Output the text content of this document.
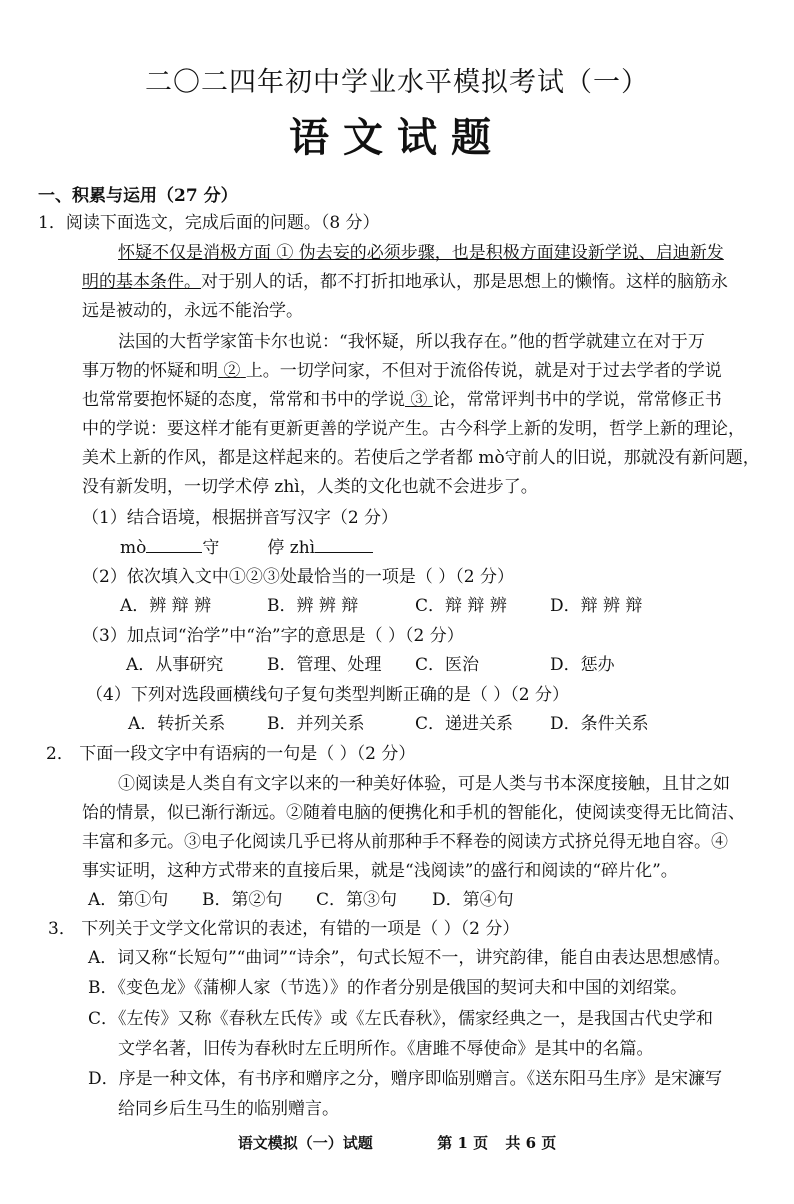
二〇二四年初中学业水平模拟考试（一）
语文试题
一、积累与运用（27 分）
1．阅读下面选文，完成后面的问题。（8 分）
怀疑不仅是消极方面 ① 伪去妄的必须步骤，也是积极方面建设新学说、启迪新发
明的基本条件。对于别人的话，都不打折扣地承认，那是思想上的懒惰。这样的脑筋永
远是被动的，永远不能治学。
法国的大哲学家笛卡尔也说：“我怀疑，所以我存在。”他的哲学就建立在对于万
事万物的怀疑和明 ② 上。一切学问家，不但对于流俗传说，就是对于过去学者的学说
也常常要抱怀疑的态度，常常和书中的学说 ③ 论，常常评判书中的学说，常常修正书
中的学说：要这样才能有更新更善的学说产生。古今科学上新的发明，哲学上新的理论，
美术上新的作风，都是这样起来的。若使后之学者都 mò守前人的旧说，那就没有新问题，
没有新发明，一切学术停 zhì，人类的文化也就不会进步了。
（1）结合语境，根据拼音写汉字（2 分）
mò	守	停 zhì
（2）依次填入文中①②③处最恰当的一项是（ ）（2 分）
A．辨 辩 辨	B．辨 辨 辩	C．辩 辩 辨	D．辩 辨 辩
（3）加点词“治学”中“治”字的意思是（ ）（2 分）
A．从事研究	B．管理、处理 C．医治	D．惩办
（4）下列对选段画横线句子复句类型判断正确的是（ ）（2 分）
A．转折关系 B．并列关系	C．递进关系 D．条件关系
2． 下面一段文字中有语病的一句是（ ）（2 分）
①阅读是人类自有文字以来的一种美好体验，可是人类与书本深度接触，且甘之如
饴的情景，似已渐行渐远。②随着电脑的便携化和手机的智能化，使阅读变得无比简洁、
丰富和多元。③电子化阅读几乎已将从前那种手不释卷的阅读方式挤兑得无地自容。④
事实证明，这种方式带来的直接后果，就是“浅阅读”的盛行和阅读的“碎片化”。
A．第①句 B．第②句 C．第③句 D．第④句
3． 下列关于文学文化常识的表述，有错的一项是（ ）（2 分）
A．词又称“长短句”“曲词”“诗余”，句式长短不一，讲究韵律，能自由表达思想感情。
B．《变色龙》《蒲柳人家（节选）》的作者分别是俄国的契诃夫和中国的刘绍棠。
C．《左传》又称《春秋左氏传》或《左氏春秋》，儒家经典之一，是我国古代史学和
文学名著，旧传为春秋时左丘明所作。《唐雎不辱使命》是其中的名篇。
D．序是一种文体，有书序和赠序之分，赠序即临别赠言。《送东阳马生序》是宋濂写
给同乡后生马生的临别赠言。
语文模拟（一）试题	第 1 页 共 6 页
